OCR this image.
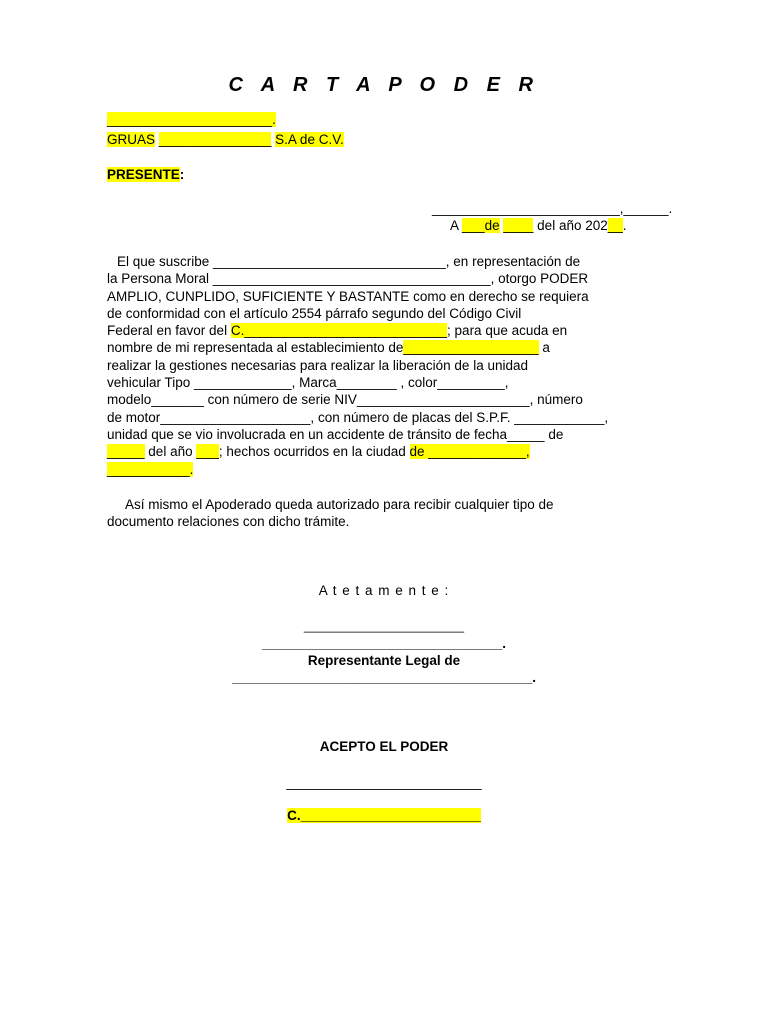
C A R T A P O D E R
______________________.
GRUAS _______________ S.A de C.V.
PRESENTE:
_________________________,______.
A ___de ____ del año 202__.
El que suscribe _______________________________, en representación de
la Persona Moral _____________________________________, otorgo PODER
AMPLIO, CUNPLIDO, SUFICIENTE Y BASTANTE como en derecho se requiera
de conformidad con el artículo 2554 párrafo segundo del Código Civil
Federal en favor del C.___________________________; para que acuda en
nombre de mi representada al establecimiento de__________________ a
realizar la gestiones necesarias para realizar la liberación de la unidad
vehicular Tipo _____________, Marca________ , color_________,
modelo_______ con número de serie NIV_______________________, número
de motor____________________, con número de placas del S.P.F. ____________,
unidad que se vio involucrada en un accidente de tránsito de fecha_____ de
_____ del año ___; hechos ocurridos en la ciudad de _____________,
___________.
Así mismo el Apoderado queda autorizado para recibir cualquier tipo de
documento relaciones con dicho trámite.
A t e t a m e n t e :
________________________
________________________________.
Representante Legal de
________________________________________.
ACEPTO EL PODER
__________________________
C.________________________
